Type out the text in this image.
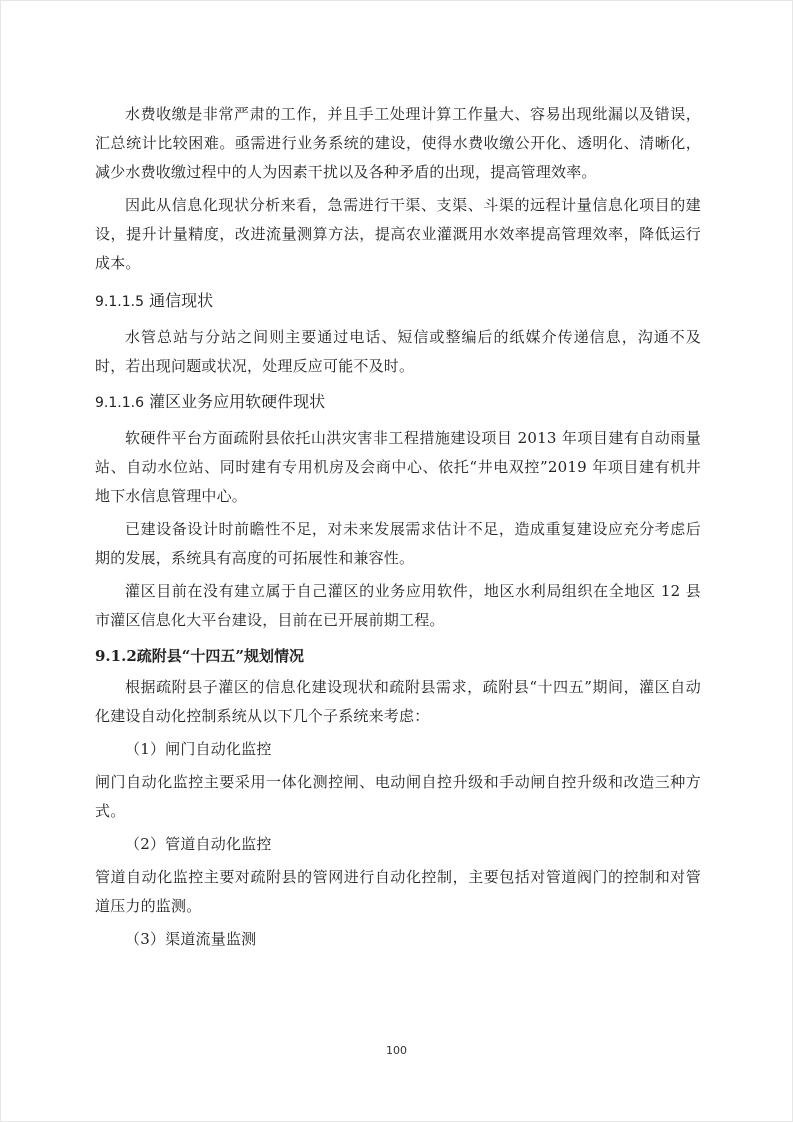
水费收缴是非常严肃的工作，并且手工处理计算工作量大、容易出现纰漏以及错误，汇总统计比较困难。亟需进行业务系统的建设，使得水费收缴公开化、透明化、清晰化，减少水费收缴过程中的人为因素干扰以及各种矛盾的出现，提高管理效率。

因此从信息化现状分析来看，急需进行干渠、支渠、斗渠的远程计量信息化项目的建设，提升计量精度，改进流量测算方法，提高农业灌溉用水效率提高管理效率，降低运行成本。

9.1.1.5 通信现状

水管总站与分站之间则主要通过电话、短信或整编后的纸媒介传递信息，沟通不及时，若出现问题或状况，处理反应可能不及时。

9.1.1.6 灌区业务应用软硬件现状

软硬件平台方面疏附县依托山洪灾害非工程措施建设项目 2013 年项目建有自动雨量站、自动水位站、同时建有专用机房及会商中心、依托“井电双控”2019 年项目建有机井地下水信息管理中心。

已建设备设计时前瞻性不足，对未来发展需求估计不足，造成重复建设应充分考虑后期的发展，系统具有高度的可拓展性和兼容性。

灌区目前在没有建立属于自己灌区的业务应用软件，地区水利局组织在全地区 12 县市灌区信息化大平台建设，目前在已开展前期工程。

9.1.2疏附县“十四五”规划情况

根据疏附县子灌区的信息化建设现状和疏附县需求，疏附县“十四五”期间，灌区自动化建设自动化控制系统从以下几个子系统来考虑：

（1）闸门自动化监控

闸门自动化监控主要采用一体化测控闸、电动闸自控升级和手动闸自控升级和改造三种方式。

（2）管道自动化监控

管道自动化监控主要对疏附县的管网进行自动化控制，主要包括对管道阀门的控制和对管道压力的监测。

（3）渠道流量监测

100
